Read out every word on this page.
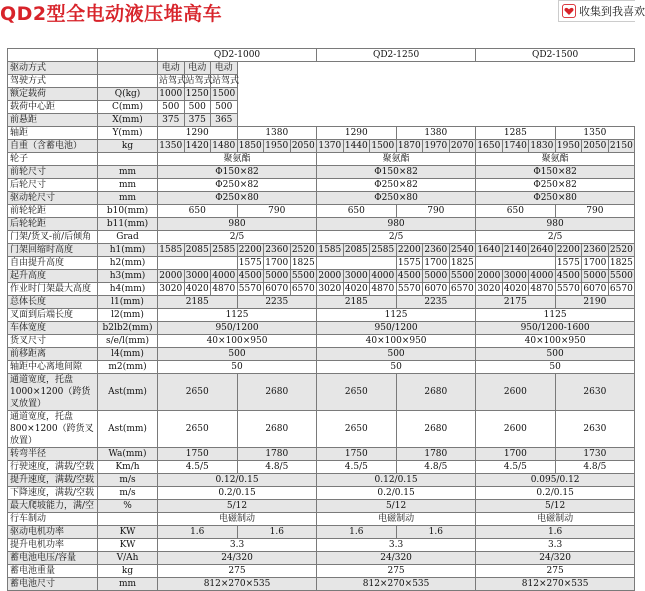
QD2型全电动液压堆高车	收集到我喜欢
		QD2-1000						QD2-1250						QD2-1500					
驱动方式		电动	电动	电动															
驾驶方式		站驾式	站驾式	站驾式															
额定载荷	Q(kg)	1000	1250	1500															
载荷中心距	C(mm)	500	500	500															
前悬距	X(mm)	375	375	365															
轴距	Y(mm)	1290			1380			1290			1380			1285			1350		
自重（含蓄电池）	kg	1350	1420	1480	1850	1950	2050	1370	1440	1500	1870	1970	2070	1650	1740	1830	1950	2050	2150
轮子		聚氨酯						聚氨酯						聚氨酯					
前轮尺寸	mm	Φ150×82						Φ150×82						Φ150×82					
后轮尺寸	mm	Φ250×82						Φ250×82						Φ250×82					
驱动轮尺寸	mm	Φ250×80						Φ250×80						Φ250×80					
前轮轮距	b10(mm)	650			790			650			790			650			790		
后轮轮距	b11(mm)	980						980						980					
门架/货叉-前/后倾角	Grad	2/5						2/5						2/5					
门架回缩时高度	h1(mm)	1585	2085	2585	2200	2360	2520	1585	2085	2585	2200	2360	2540	1640	2140	2640	2200	2360	2520
自由提升高度	h2(mm)				1575	1700	1825				1575	1700	1825				1575	1700	1825
起升高度	h3(mm)	2000	3000	4000	4500	5000	5500	2000	3000	4000	4500	5000	5500	2000	3000	4000	4500	5000	5500
作业时门架最大高度	h4(mm)	3020	4020	4870	5570	6070	6570	3020	4020	4870	5570	6070	6570	3020	4020	4870	5570	6070	6570
总体长度	l1(mm)	2185			2235			2185			2235			2175			2190		
叉面到后端长度	l2(mm)	1125						1125						1125					
车体宽度	b2lb2(mm)	950/1200						950/1200						950/1200-1600					
货叉尺寸	s/e/l(mm)	40×100×950						40×100×950						40×100×950					
前移距离	l4(mm)	500						500						500					
轴距中心离地间隙	m2(mm)	50						50						50					
通道宽度，托盘 1000×1200（跨货叉放置）	Ast(mm)	2650			2680			2650			2680			2600			2630		
通道宽度，托盘 800×1200（跨货叉放置）	Ast(mm)	2650			2680			2650			2680			2600			2630		
转弯半径	Wa(mm)	1750			1780			1750			1780			1700			1730		
行驶速度，满载/空载	Km/h	4.5/5			4.8/5			4.5/5			4.8/5			4.5/5			4.8/5		
提升速度，满载/空载	m/s	0.12/0.15						0.12/0.15						0.095/0.12					
下降速度，满载/空载	m/s	0.2/0.15						0.2/0.15						0.2/0.15					
最大爬坡能力，满/空	%	5/12						5/12						5/12					
行车制动		电磁制动						电磁制动						电磁制动					
驱动电机功率	KW	1.6			1.6			1.6			1.6			1.6					
提升电机功率	KW	3.3						3.3						3.3					
蓄电池电压/容量	V/Ah	24/320						24/320						24/320					
蓄电池重量	kg	275						275						275					
蓄电池尺寸	mm	812×270×535						812×270×535						812×270×535					
